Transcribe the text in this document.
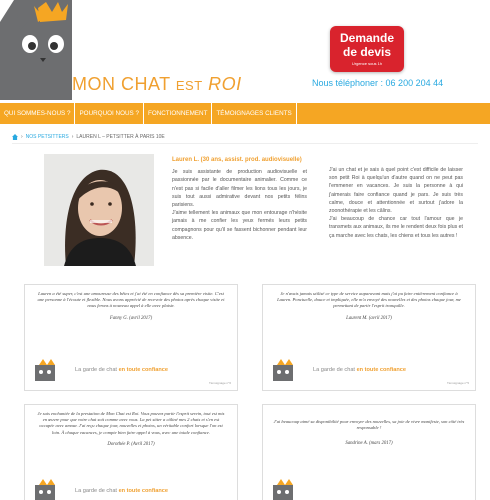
MON CHAT EST ROI
Demande
de devis
Urgence sous 1h
Nous téléphoner : 06 200 204 44
QUI SOMMES-NOUS ?	POURQUOI NOUS ?	FONCTIONNEMENT	TÉMOIGNAGES CLIENTS
› NOS PETSITTERS › LAUREN L – PETSITTER À PARIS 10E
Lauren L. (30 ans, assist. prod. audiovisuelle)

Je suis assistante de production audiovisuelle et passionnée par le documentaire animalier. Comme ce n'est pas si facile d'aller filmer les lions tous les jours, je suis tout aussi admirative devant nos petits félins parisiens.

J'aime tellement les animaux que mon entourage n'hésite jamais à me confier les yeux fermés leurs petits compagnons pour qu'il se fassent bichonner pendant leur absence.

J'ai un chat et je sais à quel point c'est difficile de laisser son petit Roi à quelqu'un d'autre quand on ne peut pas l'emmener en vacances. Je suis la personne à qui j'aimerais faire confiance quand je pars. Je suis très calme, douce et attentionnée et surtout j'adore la zoonothérapie et les câlins.

J'ai beaucoup de chance car tout l'amour que je transmets aux animaux, ils me le rendent deux fois plus et ça marche avec les chats, les chiens et tous les autres !

Lauren a été super, c'est une amoureuse des bêtes et j'ai été en confiance dès sa première visite. C'est une personne à l'écoute et flexible. Nous avons apprécié de recevoir des photos après chaque visite et nous ferons à nouveau appel à elle avec plaisir.
Fanny G. (avril 2017)
La garde de chat en toute confiance
Témoignage n°6
Je n'avais jamais utilisé ce type de service auparavant mais j'ai pu faire entièrement confiance à Lauren. Ponctuelle, douce et impliquée, elle m'a envoyé des nouvelles et des photos chaque jour, me permettant de partir l'esprit tranquille.
Laurent M. (avril 2017)
La garde de chat en toute confiance
Témoignage n°5
Je suis enchantée de la prestation de Mon Chat est Roi. Vous pouvez partir l'esprit serein, tout est mis en œuvre pour que votre chat soit comme avec vous. La pet sitter a câliné mes 2 chats et s'en est occupée avec amour. J'ai reçu chaque jour, nouvelles et photos, un véritable confort lorsque l'on est loin. À chaque vacances, je compte bien faire appel à vous, avec une totale confiance.
Dorothée P. (Avril 2017)
La garde de chat en toute confiance
J'ai beaucoup aimé sa disponibilité pour envoyer des nouvelles, sa joie de vivre manifeste, son côté très responsable !
Sandrine A. (mars 2017)
